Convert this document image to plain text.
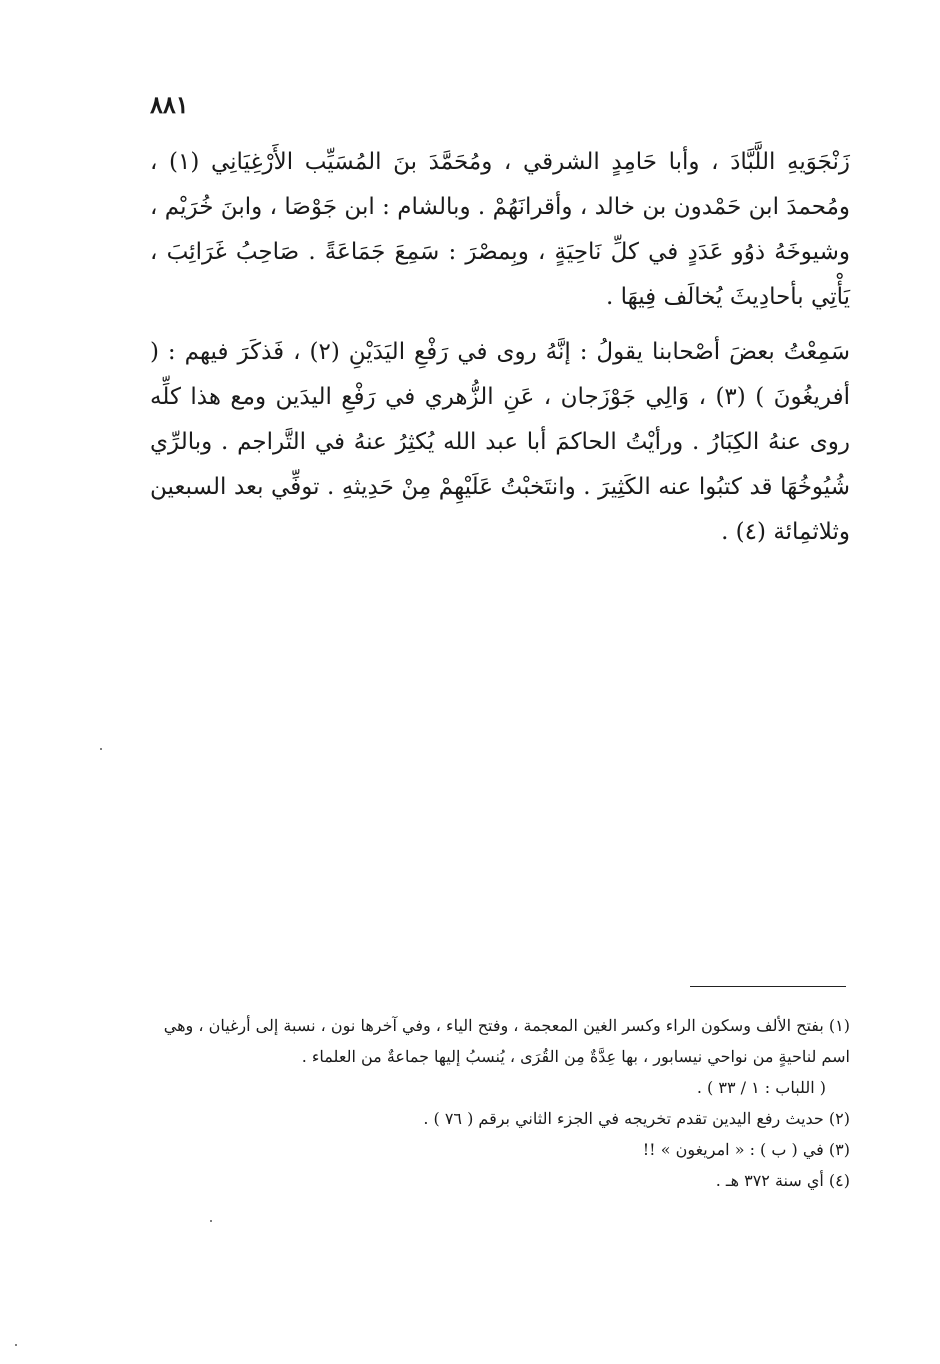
٨٨١

زَنْجَوَيهِ اللَّبَّادَ ، وأبا حَامِدٍ الشرقي ، ومُحَمَّدَ بنَ المُسَيِّب الأَرْغِيَانِي (١) ، ومُحمدَ ابن حَمْدون بن خالد ، وأقرانَهُمْ . وبالشام : ابن جَوْصَا ، وابنَ خُرَيْم ، وشيوخَهُ ذوُو عَدَدٍ في كلِّ نَاحِيَةٍ ، وبِمصْرَ : سَمِعَ جَمَاعَةً . صَاحِبُ غَرَائِبَ ، يَأْتِي بأحادِيثَ يُخالَف فِيهَا .

سَمِعْتُ بعضَ أصْحابنا يقولُ : إنَّهُ روى في رَفْعِ اليَدَيْنِ (٢) ، فَذكَرَ فيهم : ( أفريغُونَ ) (٣) ، وَالِي جَوْزَجان ، عَنِ الزُّهري في رَفْعِ اليدَين ومع هذا كلِّه روى عنهُ الكِبَارُ . ورأيْتُ الحاكمَ أبا عبد الله يُكثِرُ عنهُ في التَّراجم . وبالرِّي شُيُوخُهَا قد كتبُوا عنه الكَثِيرَ . وانتَخبْتُ عَلَيْهِمْ مِنْ حَدِيثهِ . توفِّي بعد السبعين وثلاثمِائة (٤) .

(١) بفتح الألف وسكون الراء وكسر الغين المعجمة ، وفتح الياء ، وفي آخرها نون ، نسبة إلى أرغيان ، وهي اسم لناحيةٍ من نواحي نيسابور ، بها عِدَّةٌ مِن القُرَى ، يُنسبُ إليها جماعةٌ من العلماء .

( اللباب : ١ / ٣٣ ) .

(٢) حديث رفع اليدين تقدم تخريجه في الجزء الثاني برقم ( ٧٦ ) .

(٣) في ( ب ) : « امريغون » !!

(٤) أي سنة ٣٧٢ هـ .
